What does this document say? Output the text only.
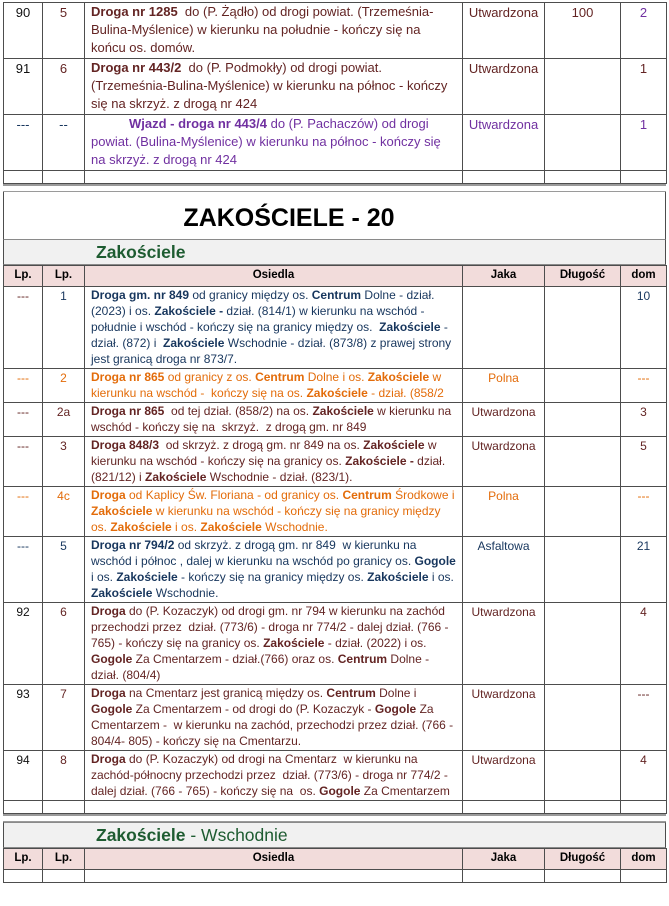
90	5	Droga nr 1285  do (P. Żądło) od drogi powiat. (Trzemeśnia-Bulina-Myślenice) w kierunku na południe - kończy się na końcu os. domów.	Utwardzona	100	2
91	6	Droga nr 443/2  do (P. Podmokły) od drogi powiat. (Trzemeśnia-Bulina-Myślenice) w kierunku na północ - kończy się na skrzyż. z drogą nr 424	Utwardzona		1
---	--	Wjazd - droga nr 443/4 do (P. Pachaczów) od drogi powiat. (Bulina-Myślenice) w kierunku na północ - kończy się na skrzyż. z drogą nr 424	Utwardzona		1

ZAKOŚCIELE - 20
Zakościele
Lp.	Lp.	Osiedla	Jaka	Długość	dom
---	1	Droga gm. nr 849 od granicy między os. Centrum Dolne - dział. (2023) i os. Zakościele - dział. (814/1) w kierunku na wschód - południe i wschód - kończy się na granicy między os.  Zakościele - dział. (872) i  Zakościele Wschodnie - dział. (873/8) z prawej strony jest granicą droga nr 873/7.			10
---	2	Droga nr 865 od granicy z os. Centrum Dolne i os. Zakościele w kierunku na wschód -  kończy się na os. Zakościele - dział. (858/2	Polna		---
---	2a	Droga nr 865  od tej dział. (858/2) na os. Zakościele w kierunku na wschód - kończy się na  skrzyż.  z drogą gm. nr 849	Utwardzona		3
---	3	Droga 848/3  od skrzyż. z drogą gm. nr 849 na os. Zakościele w kierunku na wschód - kończy się na granicy os. Zakościele - dział. (821/12) i Zakościele Wschodnie - dział. (823/1).	Utwardzona		5
---	4c	Droga od Kaplicy Św. Floriana - od granicy os. Centrum Środkowe i Zakościele w kierunku na wschód - kończy się na granicy między os. Zakościele i os. Zakościele Wschodnie.	Polna		---
---	5	Droga nr 794/2 od skrzyż. z drogą gm. nr 849  w kierunku na wschód i północ , dalej w kierunku na wschód po granicy os. Gogole i os. Zakościele - kończy się na granicy między os. Zakościele i os. Zakościele Wschodnie.	Asfaltowa		21
92	6	Droga do (P. Kozaczyk) od drogi gm. nr 794 w kierunku na zachód przechodzi przez  dział. (773/6) - droga nr 774/2 - dalej dział. (766 - 765) - kończy się na granicy os. Zakościele - dział. (2022) i os. Gogole Za Cmentarzem - dział.(766) oraz os. Centrum Dolne - dział. (804/4)	Utwardzona		4
93	7	Droga na Cmentarz jest granicą między os. Centrum Dolne i Gogole Za Cmentarzem - od drogi do (P. Kozaczyk - Gogole Za Cmentarzem -  w kierunku na zachód, przechodzi przez dział. (766 - 804/4- 805) - kończy się na Cmentarzu.	Utwardzona		---
94	8	Droga do (P. Kozaczyk) od drogi na Cmentarz  w kierunku na zachód-północny przechodzi przez  dział. (773/6) - droga nr 774/2 - dalej dział. (766 - 765) - kończy się na  os. Gogole Za Cmentarzem	Utwardzona		4

Zakościele - Wschodnie
Lp.	Lp.	Osiedla	Jaka	Długość	dom
